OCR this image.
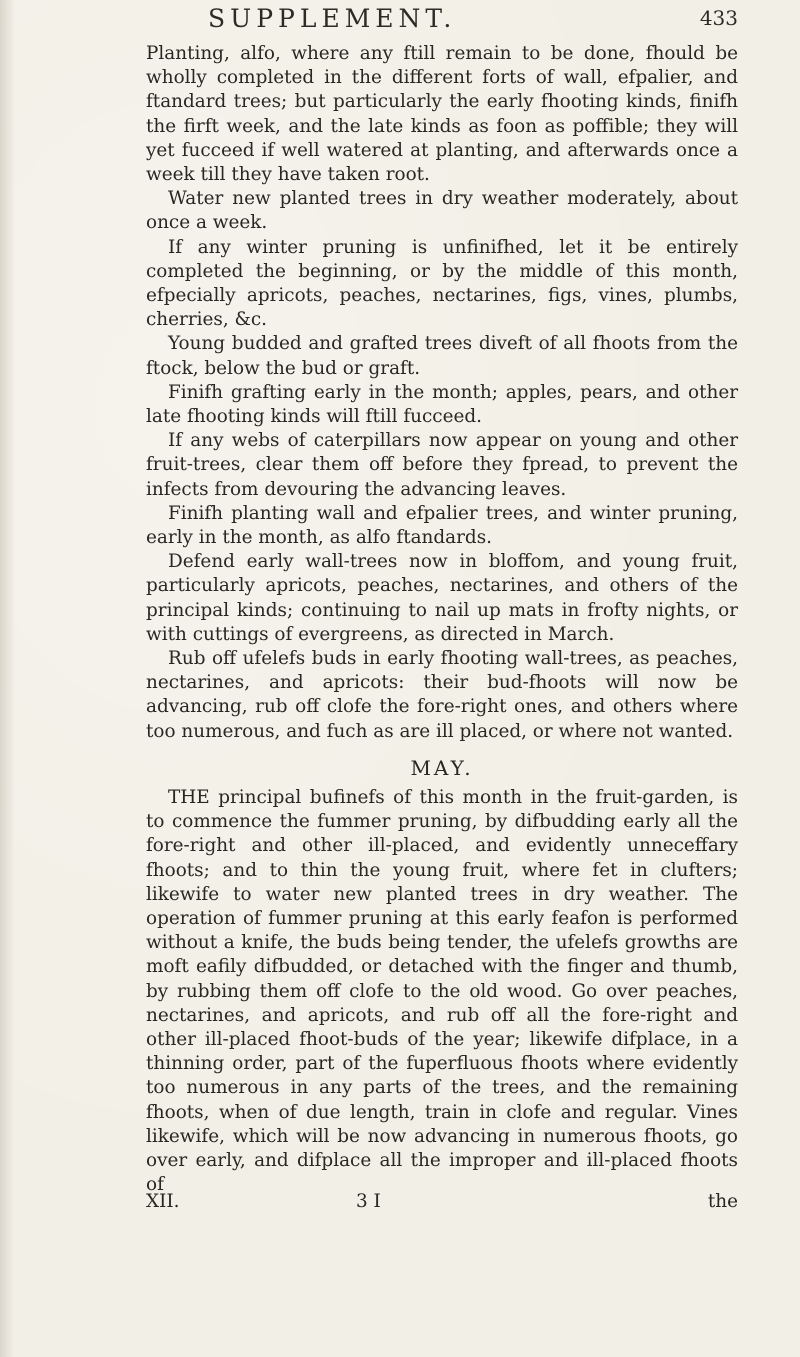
SUPPLEMENT.	433

Planting, alfo, where any ftill remain to be done, fhould be wholly completed in the different forts of wall, efpalier, and ftandard trees; but particularly the early fhooting kinds, finifh the firft week, and the late kinds as foon as poffible; they will yet fucceed if well watered at planting, and afterwards once a week till they have taken root.

Water new planted trees in dry weather moderately, about once a week.

If any winter pruning is unfinifhed, let it be entirely completed the beginning, or by the middle of this month, efpecially apricots, peaches, nectarines, figs, vines, plumbs, cherries, &c.

Young budded and grafted trees diveft of all fhoots from the ftock, below the bud or graft.

Finifh grafting early in the month; apples, pears, and other late fhooting kinds will ftill fucceed.

If any webs of caterpillars now appear on young and other fruit-trees, clear them off before they fpread, to prevent the infects from devouring the advancing leaves.

Finifh planting wall and efpalier trees, and winter pruning, early in the month, as alfo ftandards.

Defend early wall-trees now in bloffom, and young fruit, particularly apricots, peaches, nectarines, and others of the principal kinds; continuing to nail up mats in frofty nights, or with cuttings of evergreens, as directed in March.

Rub off ufelefs buds in early fhooting wall-trees, as peaches, nectarines, and apricots: their bud-fhoots will now be advancing, rub off clofe the fore-right ones, and others where too numerous, and fuch as are ill placed, or where not wanted.

MAY.

THE principal bufinefs of this month in the fruit-garden, is to commence the fummer pruning, by difbudding early all the fore-right and other ill-placed, and evidently unneceffary fhoots; and to thin the young fruit, where fet in clufters; likewife to water new planted trees in dry weather. The operation of fummer pruning at this early feafon is performed without a knife, the buds being tender, the ufelefs growths are moft eafily difbudded, or detached with the finger and thumb, by rubbing them off clofe to the old wood. Go over peaches, nectarines, and apricots, and rub off all the fore-right and other ill-placed fhoot-buds of the year; likewife difplace, in a thinning order, part of the fuperfluous fhoots where evidently too numerous in any parts of the trees, and the remaining fhoots, when of due length, train in clofe and regular. Vines likewife, which will be now advancing in numerous fhoots, go over early, and difplace all the improper and ill-placed fhoots of

XII.	3 I	the
